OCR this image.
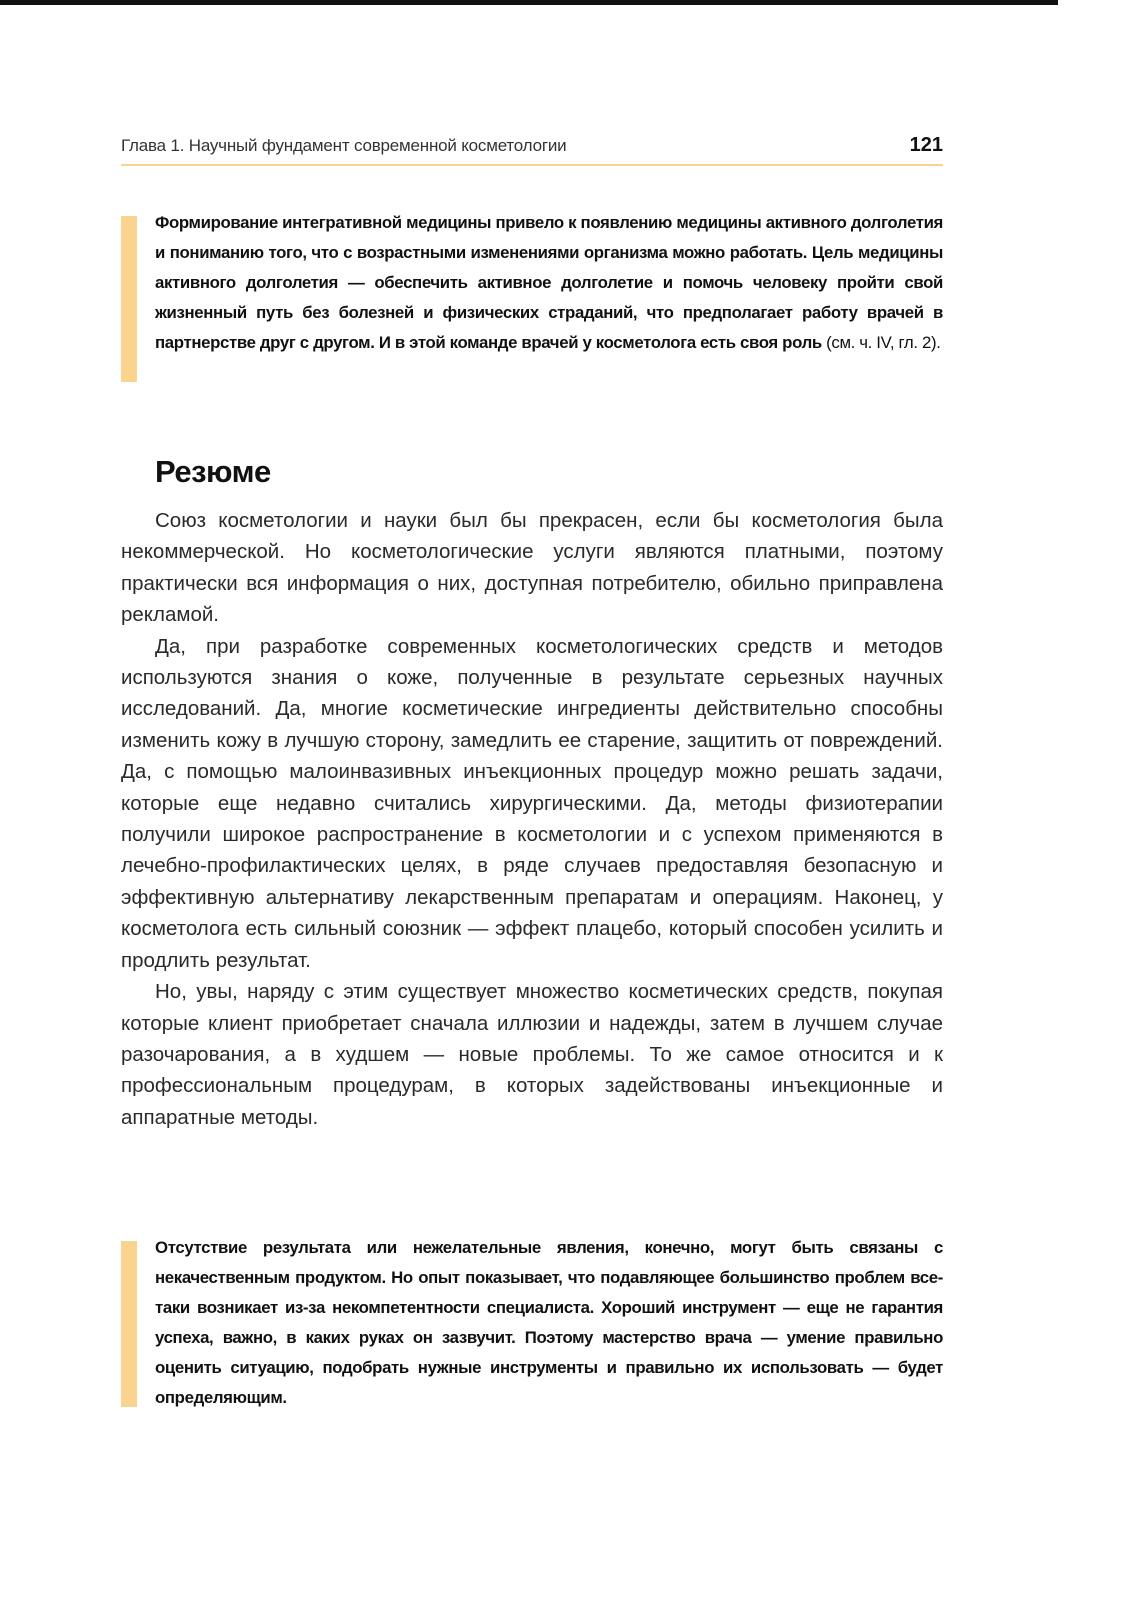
Глава 1. Научный фундамент современной косметологии	121
Формирование интегративной медицины привело к появлению медицины активного долголетия и пониманию того, что с возрастными изменениями организма можно работать. Цель медицины активного долголетия — обеспечить активное долголетие и помочь человеку пройти свой жизненный путь без болезней и физических страданий, что предполагает работу врачей в партнерстве друг с другом. И в этой команде врачей у косметолога есть своя роль (см. ч. IV, гл. 2).
Резюме

Союз косметологии и науки был бы прекрасен, если бы косметология была некоммерческой. Но косметологические услуги являются платными, поэтому практически вся информация о них, доступная потребителю, обильно приправлена рекламой.

Да, при разработке современных косметологических средств и методов используются знания о коже, полученные в результате серьезных научных исследований. Да, многие косметические ингредиенты действительно способны изменить кожу в лучшую сторону, замедлить ее старение, защитить от повреждений. Да, с помощью малоинвазивных инъекционных процедур можно решать задачи, которые еще недавно считались хирургическими. Да, методы физиотерапии получили широкое распространение в косметологии и с успехом применяются в лечебно-профилактических целях, в ряде случаев предоставляя безопасную и эффективную альтернативу лекарственным препаратам и операциям. Наконец, у косметолога есть сильный союзник — эффект плацебо, который способен усилить и продлить результат.

Но, увы, наряду с этим существует множество косметических средств, покупая которые клиент приобретает сначала иллюзии и надежды, затем в лучшем случае разочарования, а в худшем — новые проблемы. То же самое относится и к профессиональным процедурам, в которых задействованы инъекционные и аппаратные методы.

Отсутствие результата или нежелательные явления, конечно, могут быть связаны с некачественным продуктом. Но опыт показывает, что подавляющее большинство проблем все-таки возникает из-за некомпетентности специалиста. Хороший инструмент — еще не гарантия успеха, важно, в каких руках он зазвучит. Поэтому мастерство врача — умение правильно оценить ситуацию, подобрать нужные инструменты и правильно их использовать — будет определяющим.
